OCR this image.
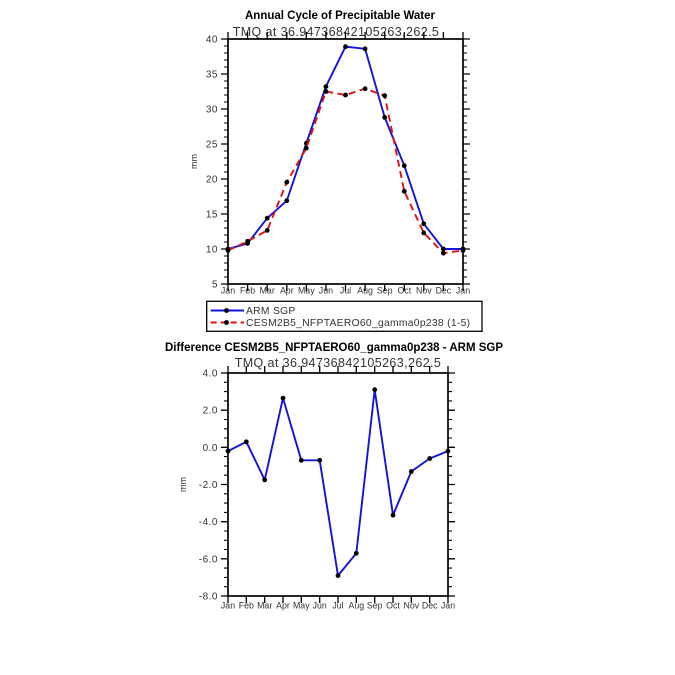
Annual Cycle of Precipitable Water
TMQ at 36.94736842105263,262.5
mm
5
10
15
20
25
30
35
40
Jan Feb Mar Apr May Jun Jul Aug Sep Oct Nov Dec Jan
ARM SGP
CESM2B5_NFPTAERO60_gamma0p238 (1-5)
Difference CESM2B5_NFPTAERO60_gamma0p238 - ARM SGP
TMQ at 36.94736842105263,262.5
mm
-8.0
-6.0
-4.0
-2.0
0.0
2.0
4.0
Jan Feb Mar Apr May Jun Jul Aug Sep Oct Nov Dec Jan
